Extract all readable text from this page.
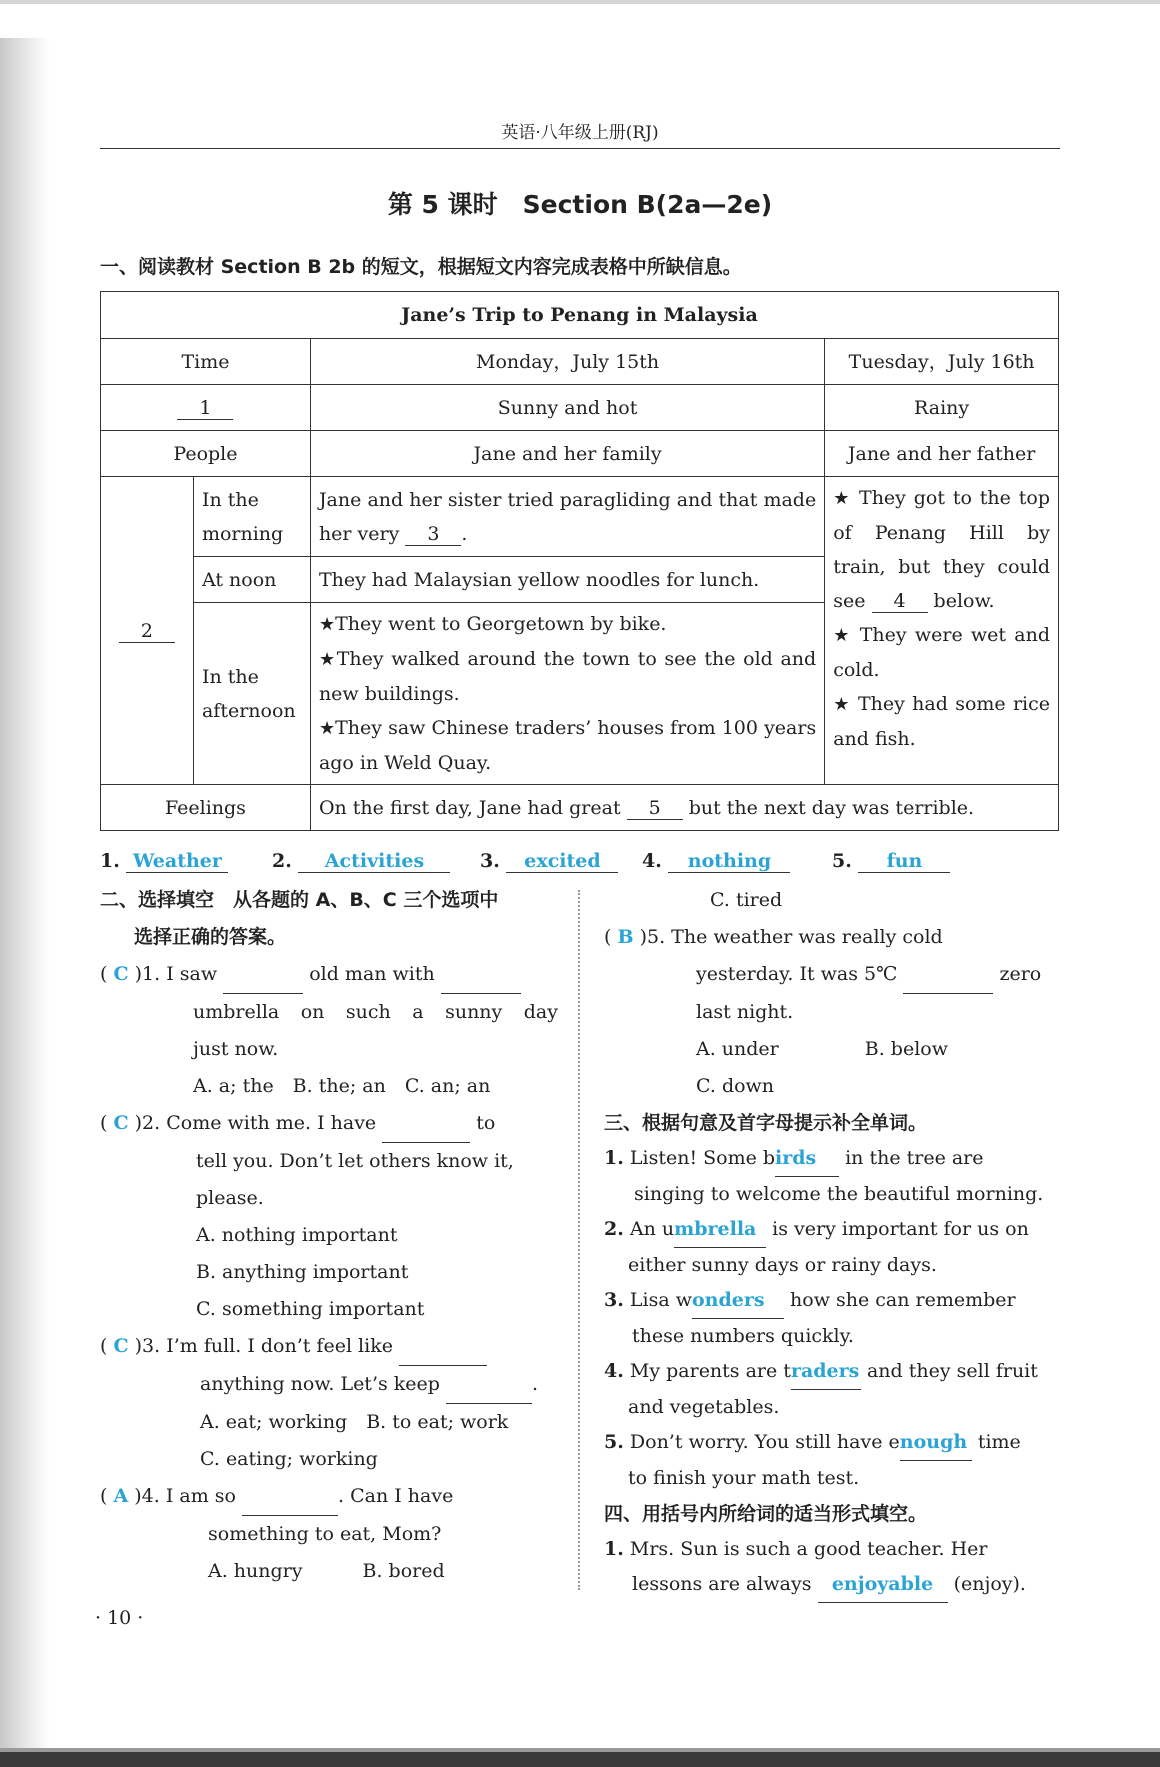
英语·八年级上册(RJ)
第 5 课时　Section B(2a—2e)
一、阅读教材 Section B 2b 的短文，根据短文内容完成表格中所缺信息。
Jane’s Trip to Penang in Malaysia			
Time		Monday，July 15th	Tuesday，July 16th
1		Sunny and hot	Rainy
People		Jane and her family	Jane and her father
2	In the morning	Jane and her sister tried paragliding and that made her very 3 .	★ They got to the top of Penang Hill by train, but they could see 4 below.
★ They were wet and cold.
★ They had some rice and fish.

	At noon	They had Malaysian yellow noodles for lunch.	
	In the afternoon	★They went to Georgetown by bike.
★They walked around the town to see the old and new buildings.
★They saw Chinese traders’ houses from 100 years ago in Weld Quay.	

Feelings		On the first day, Jane had great 5 but the next day was terrible.	
1. Weather	2. Activities	3. excited	4. nothing	5. fun

二、选择填空　从各题的 A、B、C 三个选项中

选择正确的答案。

( C )1. I saw	old man with

umbrella on such a sunny day

just now.

A. a; the　B. the; an　C. an; an

( C )2. Come with me. I have	to

tell you. Don’t let others know it,

please.

A. nothing important

B. anything important

C. something important

( C )3. I’m full. I don’t feel like

anything now. Let’s keep	.

A. eat; working　B. to eat; work

C. eating; working

( A )4. I am so	. Can I have

something to eat, Mom?

A. hungry	B. bored

C. tired

( B )5. The weather was really cold

yesterday. It was 5℃	zero

last night.

A. under	B. below

C. down

三、根据句意及首字母提示补全单词。

1. Listen! Some birds in the tree are

singing to welcome the beautiful morning.

2. An umbrella is very important for us on

either sunny days or rainy days.

3. Lisa wonders how she can remember

these numbers quickly.

4. My parents are traders and they sell fruit

and vegetables.

5. Don’t worry. You still have enough time

to finish your math test.

四、用括号内所给词的适当形式填空。

1. Mrs. Sun is such a good teacher. Her

lessons are always enjoyable (enjoy).

· 10 ·
